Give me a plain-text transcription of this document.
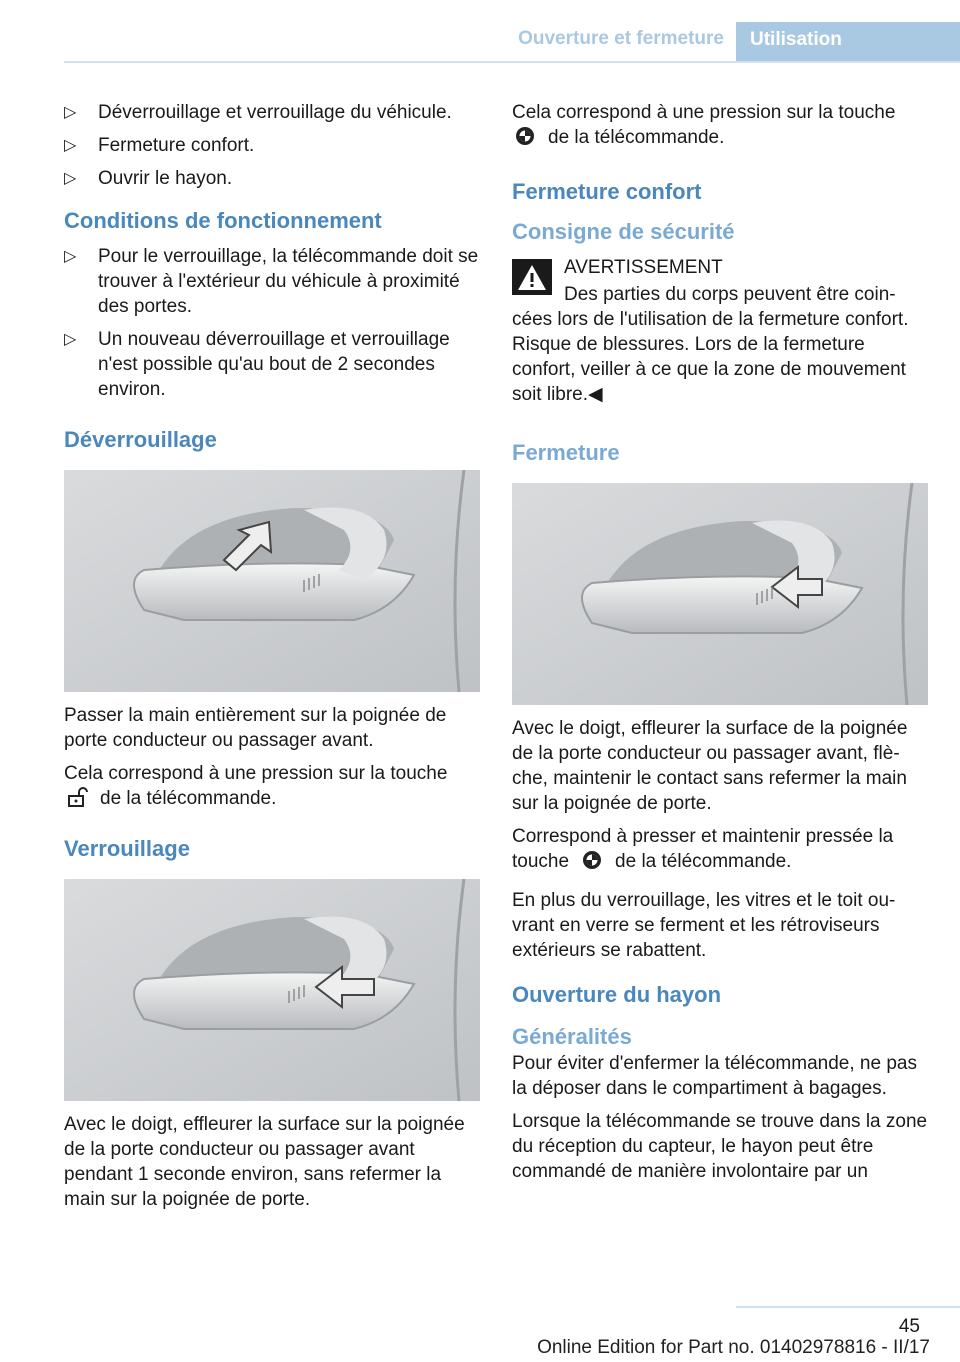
Ouverture et fermeture	Utilisation
▷ Déverrouillage et verrouillage du véhicule.
▷ Fermeture confort.
▷ Ouvrir le hayon.
Conditions de fonctionnement
▷ Pour le verrouillage, la télécommande doit se trouver à l'extérieur du véhicule à proximité des portes.
▷ Un nouveau déverrouillage et verrouillage n'est possible qu'au bout de 2 secondes environ.
Déverrouillage

Passer la main entièrement sur la poignée de porte conducteur ou passager avant.

Cela correspond à une pression sur la touche
de la télécommande.

Verrouillage

Avec le doigt, effleurer la surface sur la poignée de la porte conducteur ou passager avant pendant 1 seconde environ, sans refermer la main sur la poignée de porte.

Cela correspond à une pression sur la touche
de la télécommande.

Fermeture confort
Consigne de sécurité

AVERTISSEMENT

Des parties du corps peuvent être coincées lors de l'utilisation de la fermeture confort. Risque de blessures. Lors de la fermeture confort, veiller à ce que la zone de mouvement soit libre.◀

Fermeture

Avec le doigt, effleurer la surface de la poignée de la porte conducteur ou passager avant, flèche, maintenir le contact sans refermer la main sur la poignée de porte.

Correspond à presser et maintenir pressée la touche de la télécommande.

En plus du verrouillage, les vitres et le toit ouvrant en verre se ferment et les rétroviseurs extérieurs se rabattent.

Ouverture du hayon
Généralités

Pour éviter d'enfermer la télécommande, ne pas la déposer dans le compartiment à bagages.

Lorsque la télécommande se trouve dans la zone du réception du capteur, le hayon peut être commandé de manière involontaire par un

45
Online Edition for Part no. 01402978816 - II/17
